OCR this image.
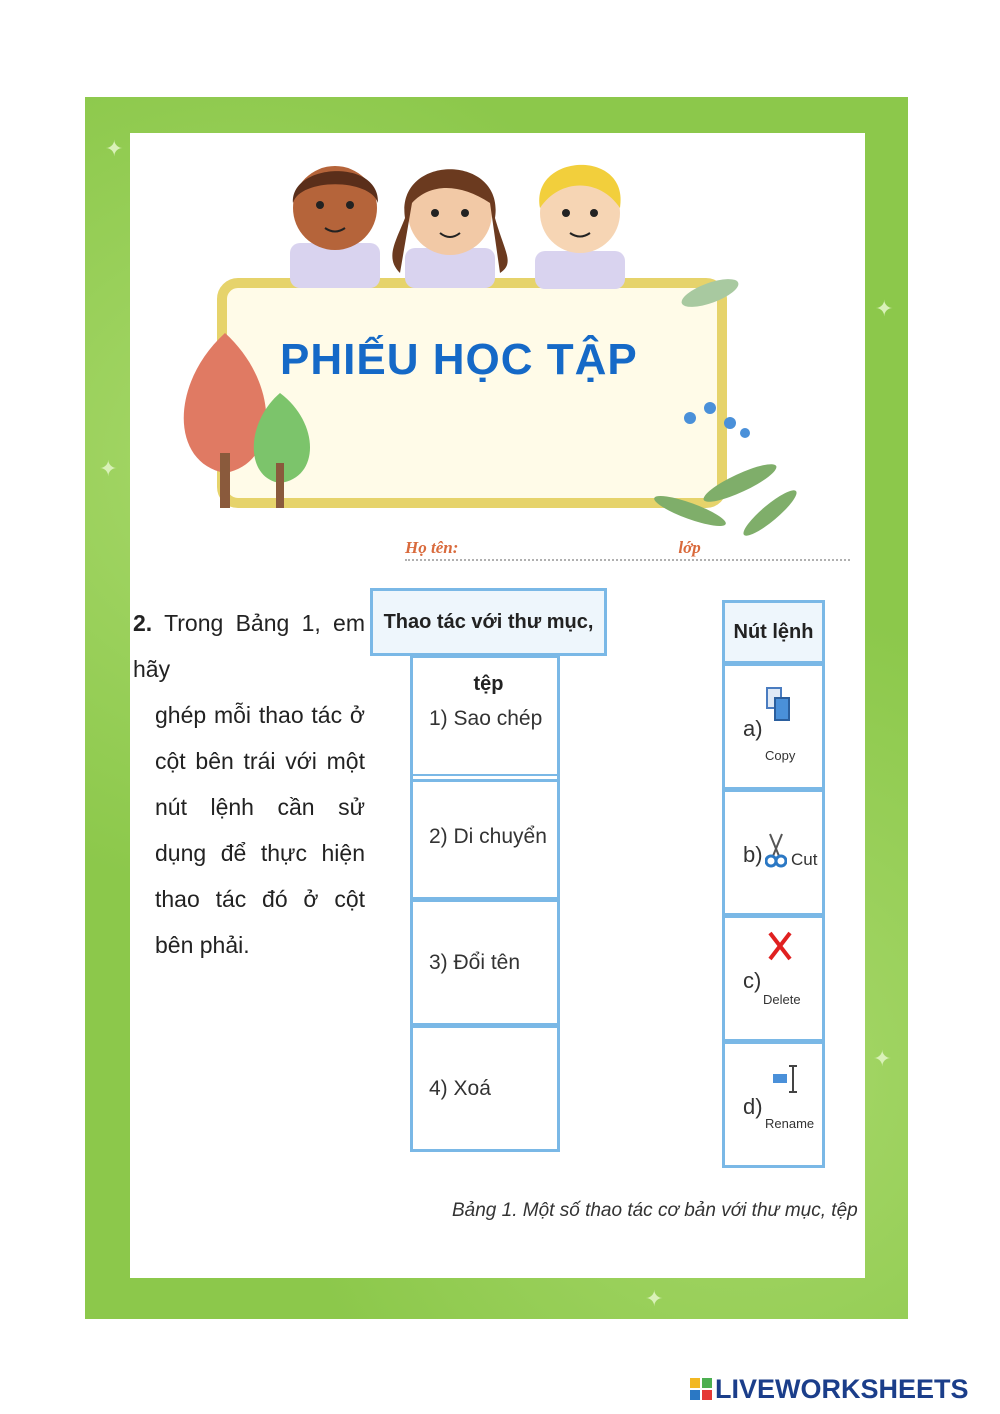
✦
✦
✦
✦
✦
PHIẾU HỌC TẬP
Họ tên:	lớp
2. Trong Bảng 1, em hãy
ghép mỗi thao tác ở cột bên trái với một nút lệnh cần sử dụng để thực hiện thao tác đó ở cột bên phải.
Thao tác với thư mục, tệp
1) Sao chép
2) Di chuyển
3) Đổi tên
4) Xoá
Nút lệnh
a)
Copy
b) Cut
c)
Delete
d)
Rename
Bảng 1. Một số thao tác cơ bản với thư mục, tệp
LIVEWORKSHEETS
